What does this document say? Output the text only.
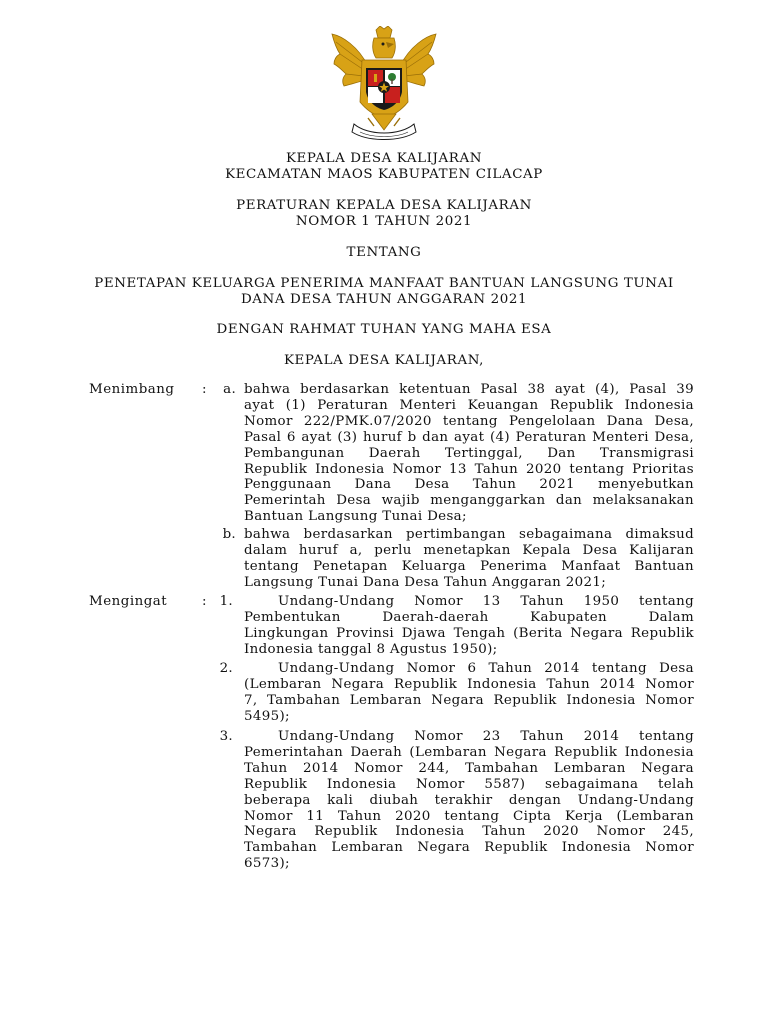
KEPALA DESA KALIJARAN
KECAMATAN MAOS KABUPATEN CILACAP
PERATURAN KEPALA DESA KALIJARAN
NOMOR 1 TAHUN 2021
TENTANG
PENETAPAN KELUARGA PENERIMA MANFAAT BANTUAN LANGSUNG TUNAI
DANA DESA TAHUN ANGGARAN 2021
DENGAN RAHMAT TUHAN YANG MAHA ESA
KEPALA DESA KALIJARAN,
Menimbang :	a. bahwa berdasarkan ketentuan Pasal 38 ayat (4), Pasal 39
ayat (1) Peraturan Menteri Keuangan Republik Indonesia
Nomor 222/PMK.07/2020 tentang Pengelolaan Dana Desa,
Pasal 6 ayat (3) huruf b dan ayat (4) Peraturan Menteri Desa,
Pembangunan Daerah Tertinggal, Dan Transmigrasi
Republik Indonesia Nomor 13 Tahun 2020 tentang Prioritas
Penggunaan Dana Desa Tahun 2021 menyebutkan
Pemerintah Desa wajib menganggarkan dan melaksanakan
Bantuan Langsung Tunai Desa;
b. bahwa berdasarkan pertimbangan sebagaimana dimaksud
dalam huruf a, perlu menetapkan Kepala Desa Kalijaran
tentang Penetapan Keluarga Penerima Manfaat Bantuan
Langsung Tunai Dana Desa Tahun Anggaran 2021;
Mengingat	: 1.	Undang-Undang Nomor 13 Tahun 1950 tentang
Pembentukan Daerah-daerah Kabupaten Dalam
Lingkungan Provinsi Djawa Tengah (Berita Negara Republik
Indonesia tanggal 8 Agustus 1950);
2.	Undang-Undang Nomor 6 Tahun 2014 tentang Desa
(Lembaran Negara Republik Indonesia Tahun 2014 Nomor
7, Tambahan Lembaran Negara Republik Indonesia Nomor
5495);
3.	Undang-Undang Nomor 23 Tahun 2014 tentang
Pemerintahan Daerah (Lembaran Negara Republik Indonesia
Tahun 2014 Nomor 244, Tambahan Lembaran Negara
Republik Indonesia Nomor 5587) sebagaimana telah
beberapa kali diubah terakhir dengan Undang-Undang
Nomor 11 Tahun 2020 tentang Cipta Kerja (Lembaran
Negara Republik Indonesia Tahun 2020 Nomor 245,
Tambahan Lembaran Negara Republik Indonesia Nomor
6573);
